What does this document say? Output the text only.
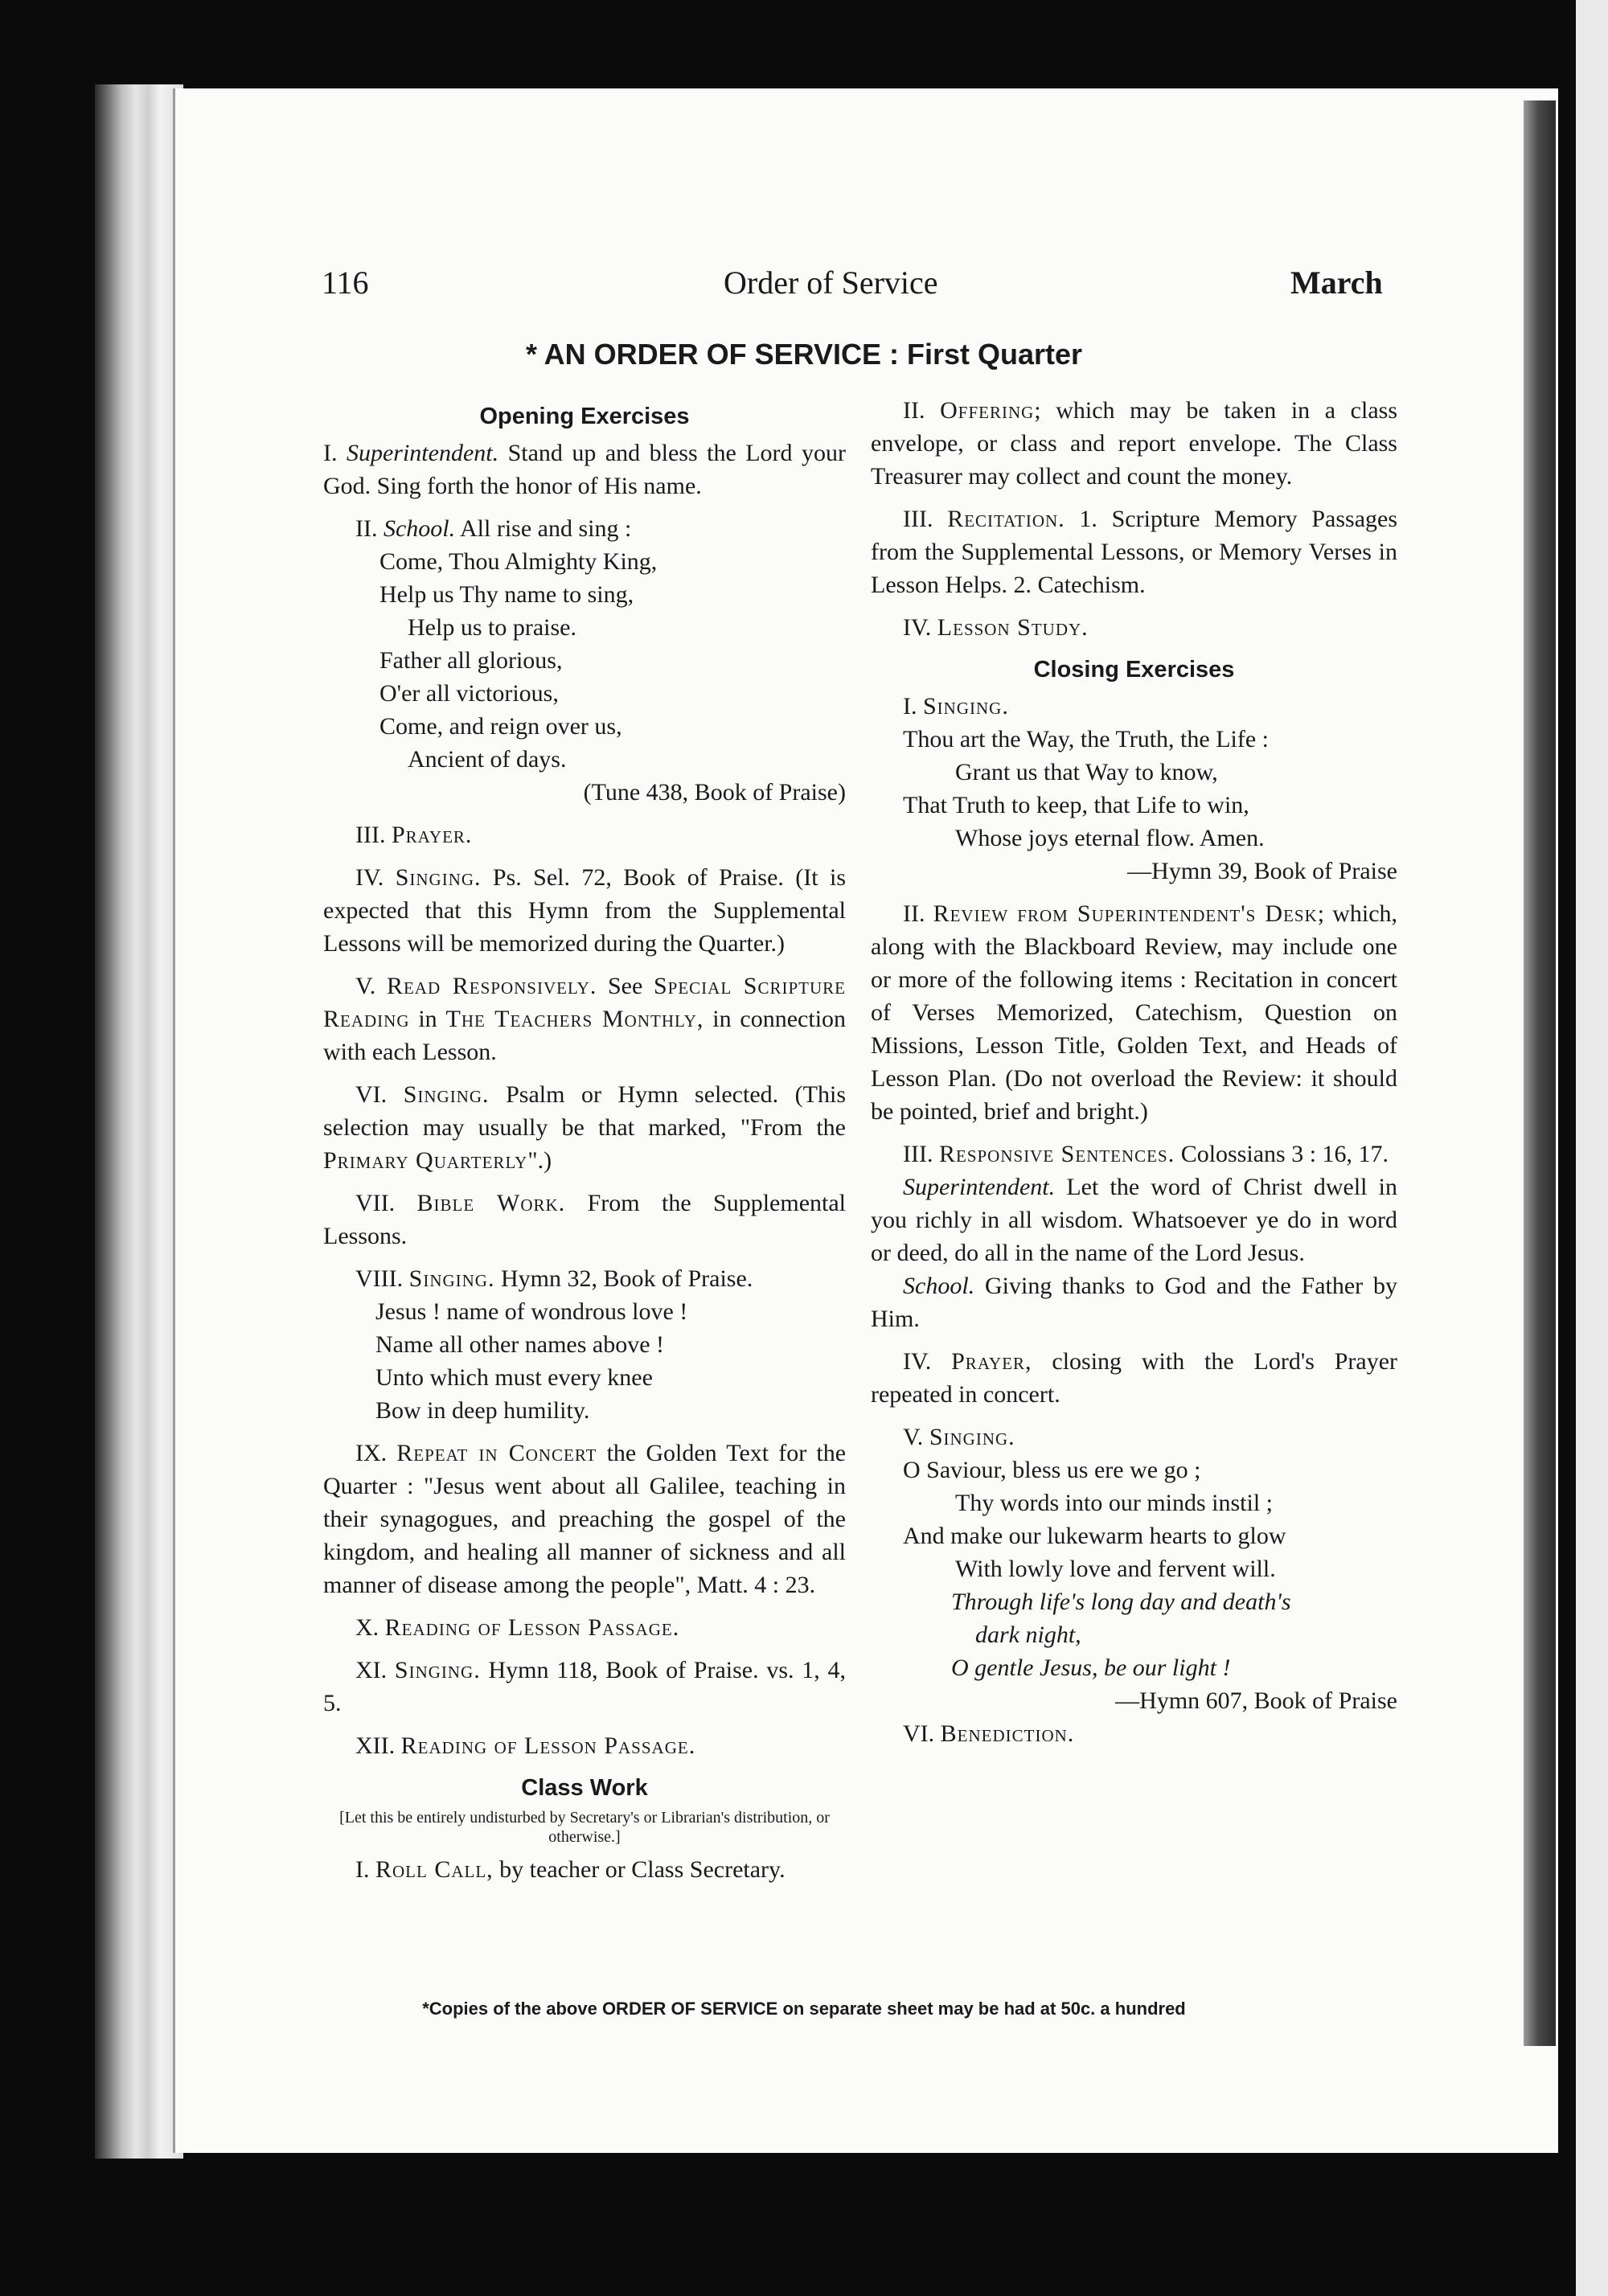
116	Order of Service	March
* AN ORDER OF SERVICE : First Quarter

Opening Exercises

I. Superintendent. Stand up and bless the Lord your God. Sing forth the honor of His name.

II. School. All rise and sing :

Come, Thou Almighty King,

Help us Thy name to sing,

Help us to praise.

Father all glorious,

O'er all victorious,

Come, and reign over us,

Ancient of days.

(Tune 438, Book of Praise)

III. Prayer.

IV. Singing. Ps. Sel. 72, Book of Praise. (It is expected that this Hymn from the Supplemental Lessons will be memorized during the Quarter.)

V. Read Responsively. See Special Scripture Reading in The Teachers Monthly, in connection with each Lesson.

VI. Singing. Psalm or Hymn selected. (This selection may usually be that marked, "From the Primary Quarterly".)

VII. Bible Work. From the Supplemental Lessons.

VIII. Singing. Hymn 32, Book of Praise.

Jesus ! name of wondrous love !

Name all other names above !

Unto which must every knee

Bow in deep humility.

IX. Repeat in Concert the Golden Text for the Quarter : "Jesus went about all Galilee, teaching in their synagogues, and preaching the gospel of the kingdom, and healing all manner of sickness and all manner of disease among the people", Matt. 4 : 23.

X. Reading of Lesson Passage.

XI. Singing. Hymn 118, Book of Praise. vs. 1, 4, 5.

XII. Reading of Lesson Passage.

Class Work

[Let this be entirely undisturbed by Secretary's or Librarian's distribution, or otherwise.]

I. Roll Call, by teacher or Class Secretary.

II. Offering; which may be taken in a class envelope, or class and report envelope. The Class Treasurer may collect and count the money.

III. Recitation. 1. Scripture Memory Passages from the Supplemental Lessons, or Memory Verses in Lesson Helps. 2. Catechism.

IV. Lesson Study.

Closing Exercises

I. Singing.

Thou art the Way, the Truth, the Life :

Grant us that Way to know,

That Truth to keep, that Life to win,

Whose joys eternal flow. Amen.

—Hymn 39, Book of Praise

II. Review from Superintendent's Desk; which, along with the Blackboard Review, may include one or more of the following items : Recitation in concert of Verses Memorized, Catechism, Question on Missions, Lesson Title, Golden Text, and Heads of Lesson Plan. (Do not overload the Review: it should be pointed, brief and bright.)

III. Responsive Sentences. Colossians 3 : 16, 17.

Superintendent. Let the word of Christ dwell in you richly in all wisdom. Whatsoever ye do in word or deed, do all in the name of the Lord Jesus.

School. Giving thanks to God and the Father by Him.

IV. Prayer, closing with the Lord's Prayer repeated in concert.

V. Singing.

O Saviour, bless us ere we go ;

Thy words into our minds instil ;

And make our lukewarm hearts to glow

With lowly love and fervent will.

Through life's long day and death's

dark night,

O gentle Jesus, be our light !

—Hymn 607, Book of Praise

VI. Benediction.

*Copies of the above ORDER OF SERVICE on separate sheet may be had at 50c. a hundred
